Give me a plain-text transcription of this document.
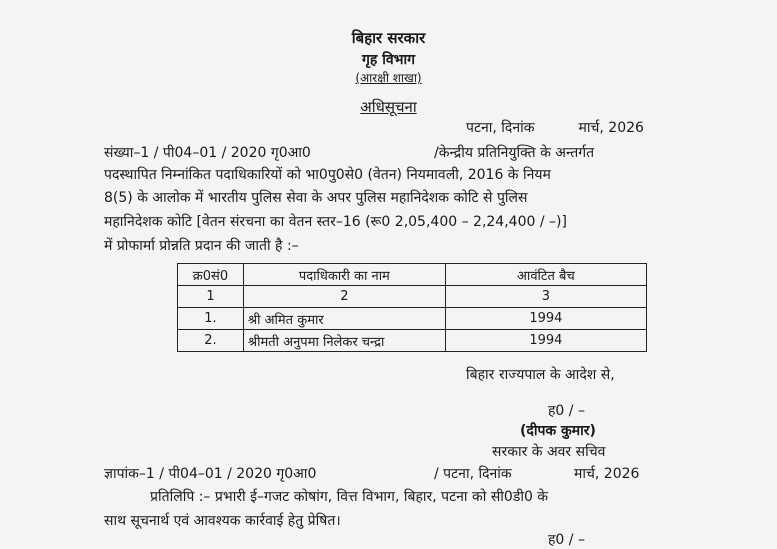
बिहार सरकार
गृह विभाग
(आरक्षी शाखा)
अधिसूचना
पटना, दिनांक	मार्च, 2026
संख्या–1 / पी04–01 / 2020 गृ0आ0	/केन्द्रीय प्रतिनियुक्ति के अन्तर्गत
पदस्थापित निम्नांकित पदाधिकारियों को भा0पु0से0 (वेतन) नियमावली, 2016 के नियम
8(5) के आलोक में भारतीय पुलिस सेवा के अपर पुलिस महानिदेशक कोटि से पुलिस
महानिदेशक कोटि [वेतन संरचना का वेतन स्तर–16 (रू0 2,05,400 – 2,24,400 / –)]
में प्रोफार्मा प्रोन्नति प्रदान की जाती है :–
क्र0सं0	पदाधिकारी का नाम	आवंटित बैच
1	2	3
1.	श्री अमित कुमार	1994
2.	श्रीमती अनुपमा निलेकर चन्द्रा	1994
बिहार राज्यपाल के आदेश से,
ह0 / –
(दीपक कुमार)
सरकार के अवर सचिव
ज्ञापांक–1 / पी04–01 / 2020 गृ0आ0	/ पटना, दिनांक	मार्च, 2026
प्रतिलिपि :– प्रभारी ई–गजट कोषांग, वित्त विभाग, बिहार, पटना को सी0डी0 के
साथ सूचनार्थ एवं आवश्यक कार्रवाई हेतु प्रेषित।
ह0 / –
